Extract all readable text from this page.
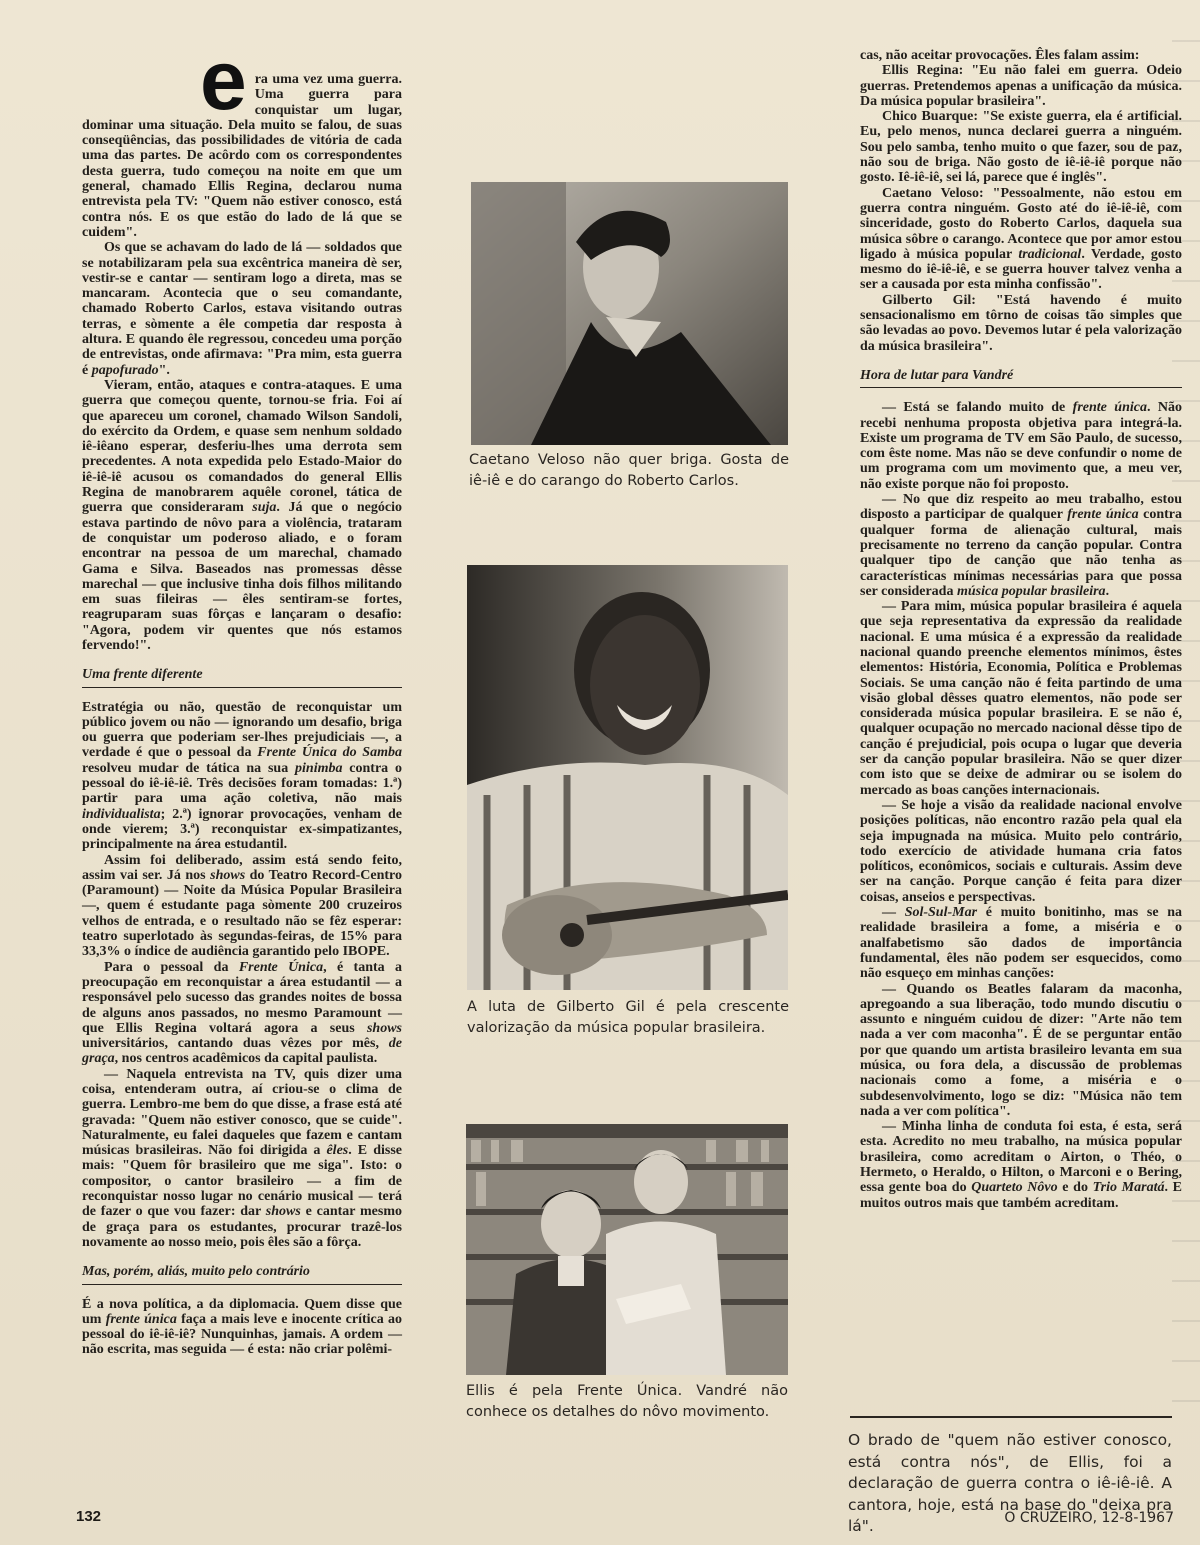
e ra uma vez uma guerra. Uma guerra para conquistar um lugar, dominar uma situação. Dela muito se falou, de suas conseqüências, das possibilidades de vitória de cada uma das partes. De acôrdo com os correspondentes desta guerra, tudo começou na noite em que um general, chamado Ellis Regina, declarou numa entrevista pela TV: "Quem não estiver conosco, está contra nós. E os que estão do lado de lá que se cuidem".

Os que se achavam do lado de lá — soldados que se notabilizaram pela sua excêntrica maneira dè ser, vestir-se e cantar — sentiram logo a direta, mas se mancaram. Acontecia que o seu comandante, chamado Roberto Carlos, estava visitando outras terras, e sòmente a êle competia dar resposta à altura. E quando êle regressou, concedeu uma porção de entrevistas, onde afirmava: "Pra mim, esta guerra é papofurado".

Vieram, então, ataques e contra-ataques. E uma guerra que começou quente, tornou-se fria. Foi aí que apareceu um coronel, chamado Wilson Sandoli, do exército da Ordem, e quase sem nenhum soldado iê-iêano esperar, desferiu-lhes uma derrota sem precedentes. A nota expedida pelo Estado-Maior do iê-iê-iê acusou os comandados do general Ellis Regina de manobrarem aquêle coronel, tática de guerra que consideraram suja. Já que o negócio estava partindo de nôvo para a violência, trataram de conquistar um poderoso aliado, e o foram encontrar na pessoa de um marechal, chamado Gama e Silva. Baseados nas promessas dêsse marechal — que inclusive tinha dois filhos militando em suas fileiras — êles sentiram-se fortes, reagruparam suas fôrças e lançaram o desafio: "Agora, podem vir quentes que nós estamos fervendo!".

Uma frente diferente

Estratégia ou não, questão de reconquistar um público jovem ou não — ignorando um desafio, briga ou guerra que poderiam ser-lhes prejudiciais —, a verdade é que o pessoal da Frente Única do Samba resolveu mudar de tática na sua pinimba contra o pessoal do iê-iê-iê. Três decisões foram tomadas: 1.ª) partir para uma ação coletiva, não mais individualista; 2.ª) ignorar provocações, venham de onde vierem; 3.ª) reconquistar ex-simpatizantes, principalmente na área estudantil.

Assim foi deliberado, assim está sendo feito, assim vai ser. Já nos shows do Teatro Record-Centro (Paramount) — Noite da Música Popular Brasileira —, quem é estudante paga sòmente 200 cruzeiros velhos de entrada, e o resultado não se fêz esperar: teatro superlotado às segundas-feiras, de 15% para 33,3% o índice de audiência garantido pelo IBOPE.

Para o pessoal da Frente Única, é tanta a preocupação em reconquistar a área estudantil — a responsável pelo sucesso das grandes noites de bossa de alguns anos passados, no mesmo Paramount — que Ellis Regina voltará agora a seus shows universitários, cantando duas vêzes por mês, de graça, nos centros acadêmicos da capital paulista.

— Naquela entrevista na TV, quis dizer uma coisa, entenderam outra, aí criou-se o clima de guerra. Lembro-me bem do que disse, a frase está até gravada: "Quem não estiver conosco, que se cuide". Naturalmente, eu falei daqueles que fazem e cantam músicas brasileiras. Não foi dirigida a êles. E disse mais: "Quem fôr brasileiro que me siga". Isto: o compositor, o cantor brasileiro — a fim de reconquistar nosso lugar no cenário musical — terá de fazer o que vou fazer: dar shows e cantar mesmo de graça para os estudantes, procurar trazê-los novamente ao nosso meio, pois êles são a fôrça.

Mas, porém, aliás, muito pelo contrário

É a nova política, a da diplomacia. Quem disse que um frente única faça a mais leve e inocente crítica ao pessoal do iê-iê-iê? Nunquinhas, jamais. A ordem — não escrita, mas seguida — é esta: não criar polêmi-

Caetano Veloso não quer briga. Gosta de iê-iê e do carango do Roberto Carlos.
A luta de Gilberto Gil é pela crescente valorização da música popular brasileira.
Ellis é pela Frente Única. Vandré não conhece os detalhes do nôvo movimento.

cas, não aceitar provocações. Êles falam assim:

Ellis Regina: "Eu não falei em guerra. Odeio guerras. Pretendemos apenas a unificação da música. Da música popular brasileira".

Chico Buarque: "Se existe guerra, ela é artificial. Eu, pelo menos, nunca declarei guerra a ninguém. Sou pelo samba, tenho muito o que fazer, sou de paz, não sou de briga. Não gosto de iê-iê-iê porque não gosto. Iê-iê-iê, sei lá, parece que é inglês".

Caetano Veloso: "Pessoalmente, não estou em guerra contra ninguém. Gosto até do iê-iê-iê, com sinceridade, gosto do Roberto Carlos, daquela sua música sôbre o carango. Acontece que por amor estou ligado à música popular tradicional. Verdade, gosto mesmo do iê-iê-iê, e se guerra houver talvez venha a ser a causada por esta minha confissão".

Gilberto Gil: "Está havendo é muito sensacionalismo em tôrno de coisas tão simples que são levadas ao povo. Devemos lutar é pela valorização da música brasileira".

Hora de lutar para Vandré

— Está se falando muito de frente única. Não recebi nenhuma proposta objetiva para integrá-la. Existe um programa de TV em São Paulo, de sucesso, com êste nome. Mas não se deve confundir o nome de um programa com um movimento que, a meu ver, não existe porque não foi proposto.

— No que diz respeito ao meu trabalho, estou disposto a participar de qualquer frente única contra qualquer forma de alienação cultural, mais precisamente no terreno da canção popular. Contra qualquer tipo de canção que não tenha as características mínimas necessárias para que possa ser considerada música popular brasileira.

— Para mim, música popular brasileira é aquela que seja representativa da expressão da realidade nacional. E uma música é a expressão da realidade nacional quando preenche elementos mínimos, êstes elementos: História, Economia, Política e Problemas Sociais. Se uma canção não é feita partindo de uma visão global dêsses quatro elementos, não pode ser considerada música popular brasileira. E se não é, qualquer ocupação no mercado nacional dêsse tipo de canção é prejudicial, pois ocupa o lugar que deveria ser da canção popular brasileira. Não se quer dizer com isto que se deixe de admirar ou se isolem do mercado as boas canções internacionais.

— Se hoje a visão da realidade nacional envolve posições políticas, não encontro razão pela qual ela seja impugnada na música. Muito pelo contrário, todo exercício de atividade humana cria fatos políticos, econômicos, sociais e culturais. Assim deve ser na canção. Porque canção é feita para dizer coisas, anseios e perspectivas.

— Sol-Sul-Mar é muito bonitinho, mas se na realidade brasileira a fome, a miséria e o analfabetismo são dados de importância fundamental, êles não podem ser esquecidos, como não esqueço em minhas canções:

— Quando os Beatles falaram da maconha, apregoando a sua liberação, todo mundo discutiu o assunto e ninguém cuidou de dizer: "Arte não tem nada a ver com maconha". É de se perguntar então por que quando um artista brasileiro levanta em sua música, ou fora dela, a discussão de problemas nacionais como a fome, a miséria e o subdesenvolvimento, logo se diz: "Música não tem nada a ver com política".

— Minha linha de conduta foi esta, é esta, será esta. Acredito no meu trabalho, na música popular brasileira, como acreditam o Airton, o Théo, o Hermeto, o Heraldo, o Hilton, o Marconi e o Bering, essa gente boa do Quarteto Nôvo e do Trio Maratá. E muitos outros mais que também acreditam.

O brado de "quem não estiver conosco, está contra nós", de Ellis, foi a declaração de guerra contra o iê-iê-iê. A cantora, hoje, está na base do "deixa pra lá".
132	O CRUZEIRO, 12-8-1967
